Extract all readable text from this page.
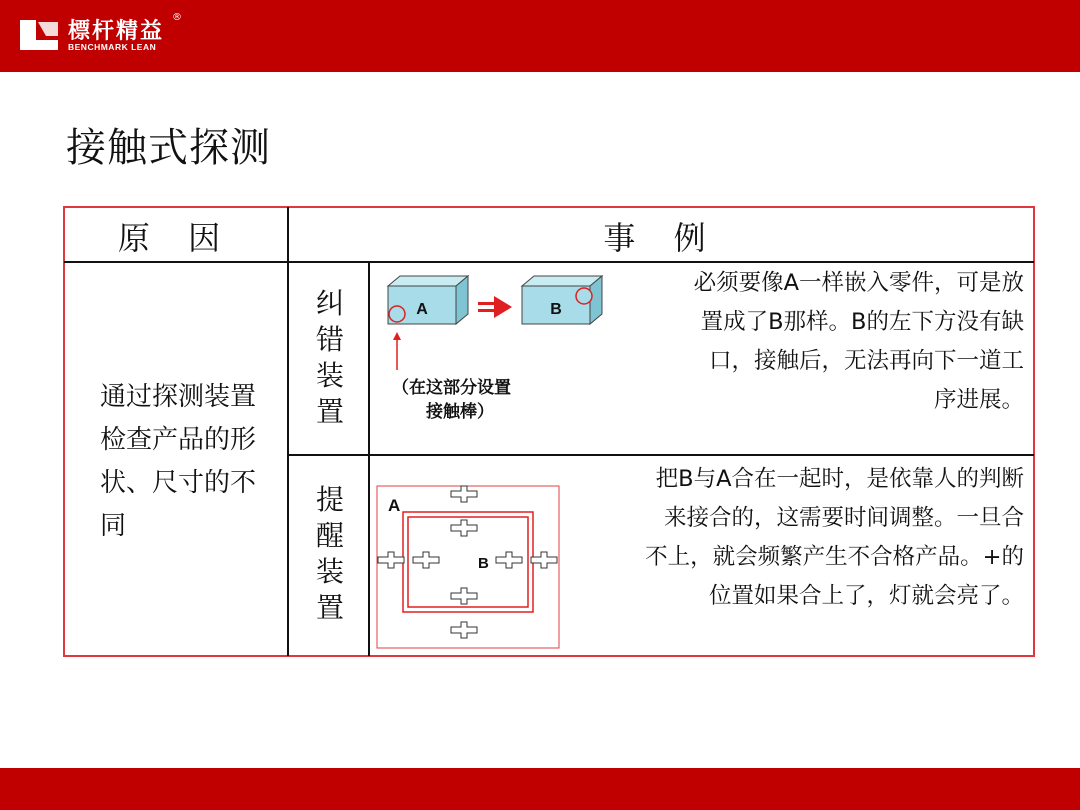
標杆精益
®
BENCHMARK LEAN
接触式探测
原 因	事 例
通过探测装置检查产品的形状、尺寸的不同
纠错装置
提醒装置
A	B
（在这部分设置
接触棒）
必须要像A一样嵌入零件，可是放
置成了B那样。B的左下方没有缺
口，接触后，无法再向下一道工
序进展。
A
B
把B与A合在一起时，是依靠人的判断
来接合的，这需要时间调整。一旦合
不上，就会频繁产生不合格产品。+的
位置如果合上了，灯就会亮了。
